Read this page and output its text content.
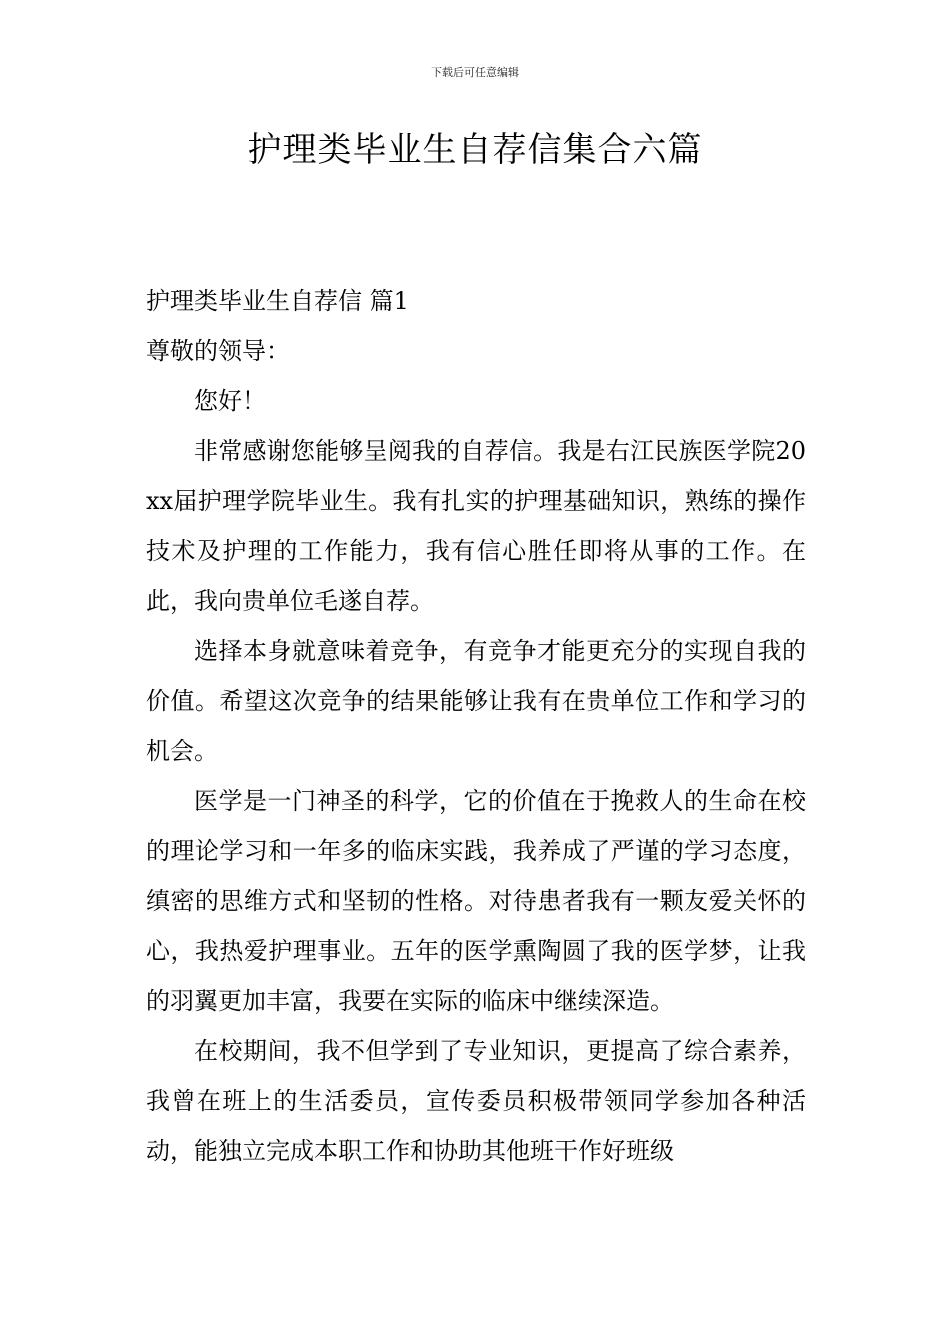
下载后可任意编辑
护理类毕业生自荐信集合六篇

护理类毕业生自荐信 篇1

尊敬的领导：

您好！

非常感谢您能够呈阅我的自荐信。我是右江民族医学院20xx届护理学院毕业生。我有扎实的护理基础知识，熟练的操作技术及护理的工作能力，我有信心胜任即将从事的工作。在此，我向贵单位毛遂自荐。

选择本身就意味着竞争，有竞争才能更充分的实现自我的价值。希望这次竞争的结果能够让我有在贵单位工作和学习的机会。

医学是一门神圣的科学，它的价值在于挽救人的生命在校的理论学习和一年多的临床实践，我养成了严谨的学习态度，缜密的思维方式和坚韧的性格。对待患者我有一颗友爱关怀的心，我热爱护理事业。五年的医学熏陶圆了我的医学梦，让我的羽翼更加丰富，我要在实际的临床中继续深造。

在校期间，我不但学到了专业知识，更提高了综合素养，我曾在班上的生活委员，宣传委员积极带领同学参加各种活动，能独立完成本职工作和协助其他班干作好班级
